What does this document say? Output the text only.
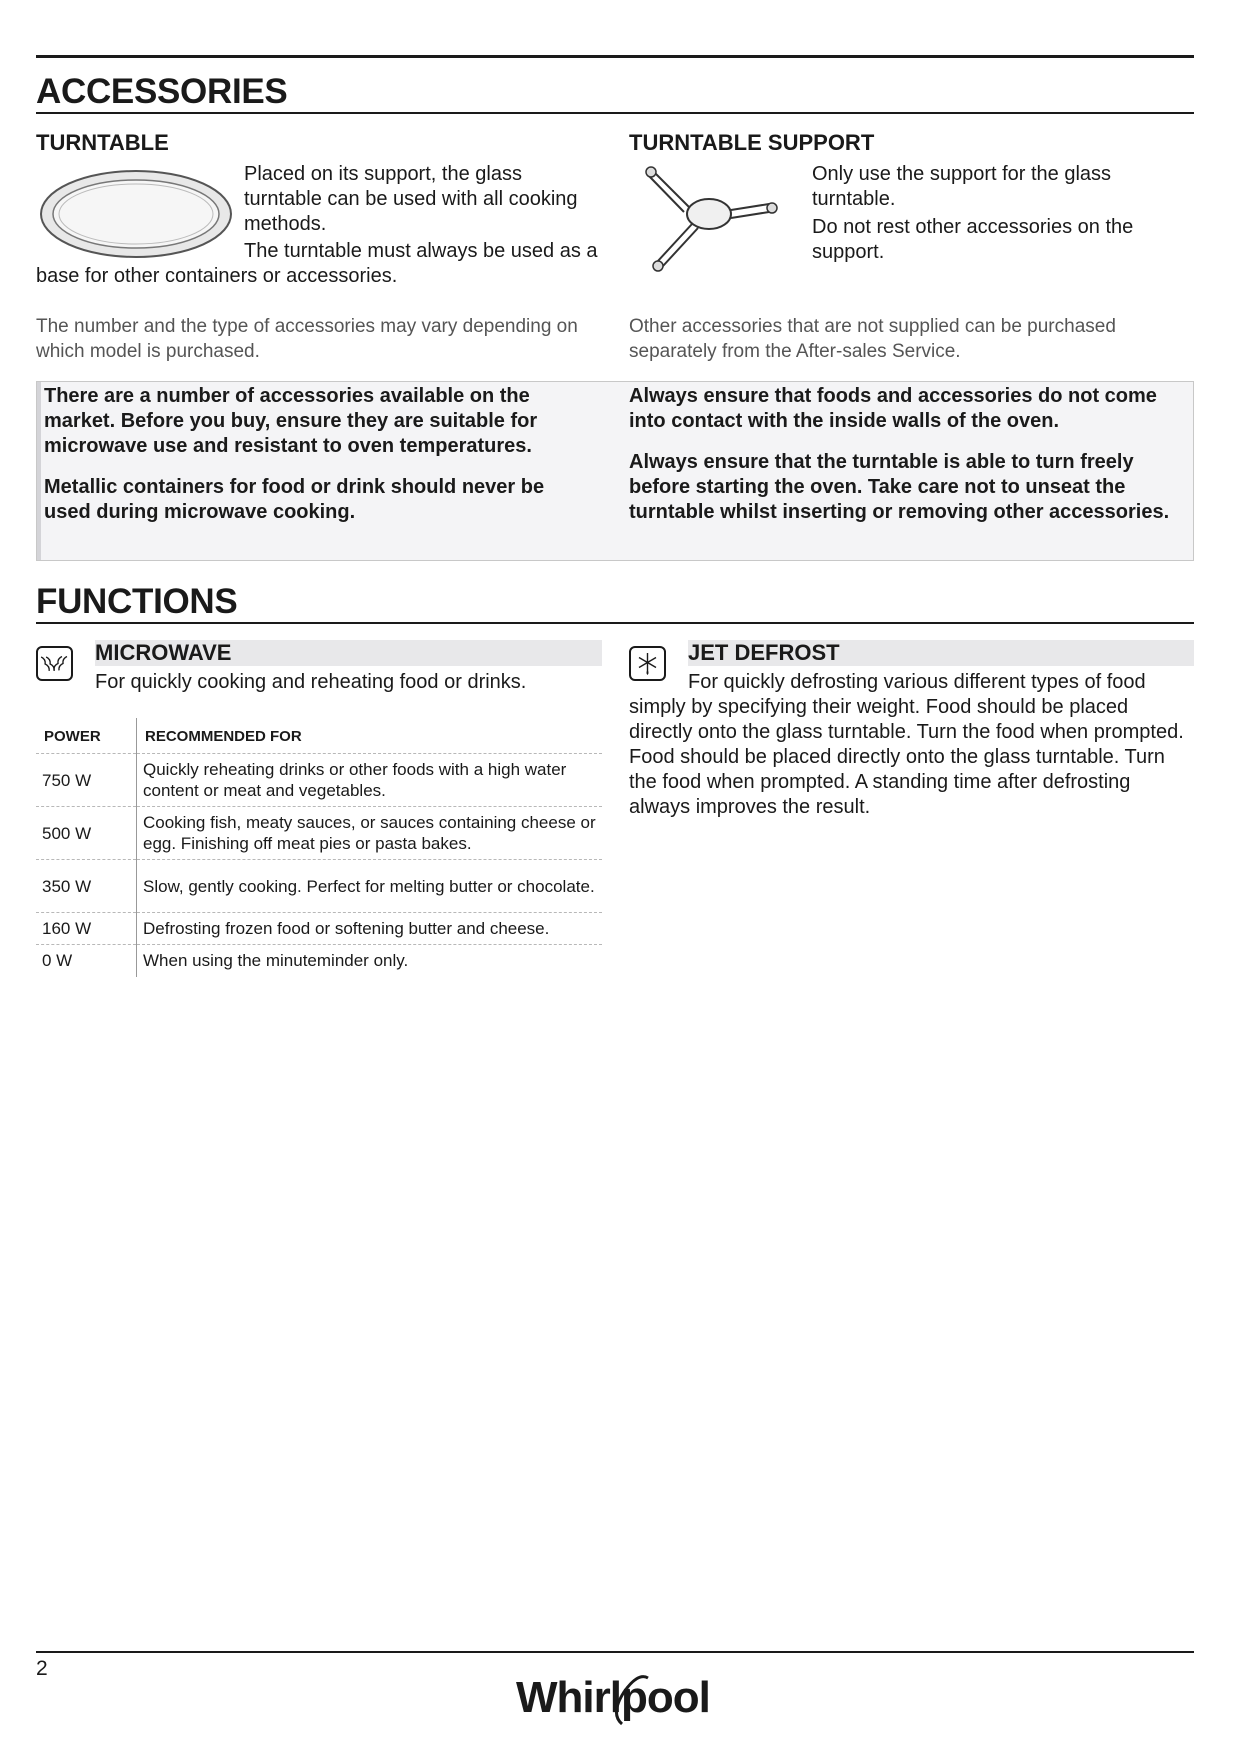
ACCESSORIES
TURNTABLE

Placed on its support, the glass turntable can be used with all cooking methods.

The turntable must always be used as a base for other containers or accessories.

TURNTABLE SUPPORT

Only use the support for the glass turntable.

Do not rest other accessories on the support.

The number and the type of accessories may vary depending on which model is purchased.

Other accessories that are not supplied can be purchased separately from the After-sales Service.

There are a number of accessories available on the market. Before you buy, ensure they are suitable for microwave use and resistant to oven temperatures.

Metallic containers for food or drink should never be used during microwave cooking.

Always ensure that foods and accessories do not come into contact with the inside walls of the oven.

Always ensure that the turntable is able to turn freely before starting the oven. Take care not to unseat the turntable whilst inserting or removing other accessories.

FUNCTIONS
MICROWAVE

For quickly cooking and reheating food or drinks.

POWER	RECOMMENDED FOR
750 W	Quickly reheating drinks or other foods with a high water content or meat and vegetables.
500 W	Cooking fish, meaty sauces, or sauces containing cheese or egg. Finishing off meat pies or pasta bakes.
350 W	Slow, gently cooking. Perfect for melting butter or chocolate.
160 W	Defrosting frozen food or softening butter and cheese.
0 W	When using the minuteminder only.
JET DEFROST

For quickly defrosting various different types of food simply by specifying their weight. Food should be placed directly onto the glass turntable. Turn the food when prompted. Food should be placed directly onto the glass turntable. Turn the food when prompted. A standing time after defrosting always improves the result.

2
Whirlpool
